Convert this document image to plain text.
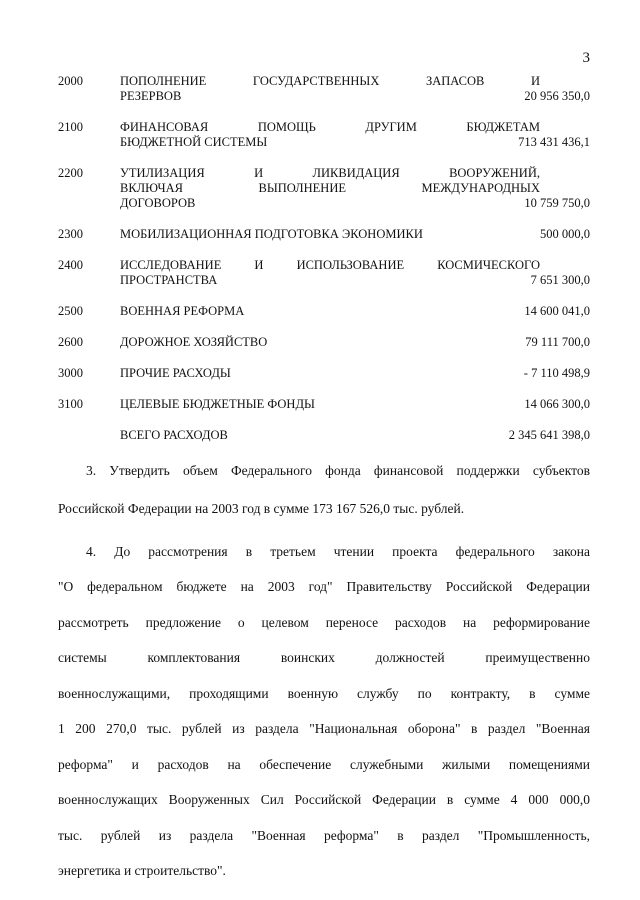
3
2000	ПОПОЛНЕНИЕ ГОСУДАРСТВЕННЫХ ЗАПАСОВ И
РЕЗЕРВОВ	20 956 350,0
2100	ФИНАНСОВАЯ ПОМОЩЬ ДРУГИМ БЮДЖЕТАМ
БЮДЖЕТНОЙ СИСТЕМЫ	713 431 436,1
2200	УТИЛИЗАЦИЯ И ЛИКВИДАЦИЯ ВООРУЖЕНИЙ,
ВКЛЮЧАЯ ВЫПОЛНЕНИЕ МЕЖДУНАРОДНЫХ
ДОГОВОРОВ	10 759 750,0
2300	МОБИЛИЗАЦИОННАЯ ПОДГОТОВКА ЭКОНОМИКИ	500 000,0
2400	ИССЛЕДОВАНИЕ И ИСПОЛЬЗОВАНИЕ КОСМИЧЕСКОГО
ПРОСТРАНСТВА	7 651 300,0
2500	ВОЕННАЯ РЕФОРМА	14 600 041,0
2600	ДОРОЖНОЕ ХОЗЯЙСТВО	79 111 700,0
3000	ПРОЧИЕ РАСХОДЫ	- 7 110 498,9
3100	ЦЕЛЕВЫЕ БЮДЖЕТНЫЕ ФОНДЫ	14 066 300,0
ВСЕГО РАСХОДОВ	2 345 641 398,0
3. Утвердить объем Федерального фонда финансовой поддержки субъектов
Российской Федерации на 2003 год в сумме 173 167 526,0 тыс. рублей.
4. До рассмотрения в третьем чтении проекта федерального закона
"О федеральном бюджете на 2003 год" Правительству Российской Федерации
рассмотреть предложение о целевом переносе расходов на реформирование
системы комплектования воинских должностей преимущественно
военнослужащими, проходящими военную службу по контракту, в сумме
1 200 270,0 тыс. рублей из раздела "Национальная оборона" в раздел "Военная
реформа" и расходов на обеспечение служебными жилыми помещениями
военнослужащих Вооруженных Сил Российской Федерации в сумме 4 000 000,0
тыс. рублей из раздела "Военная реформа" в раздел "Промышленность,
энергетика и строительство".
